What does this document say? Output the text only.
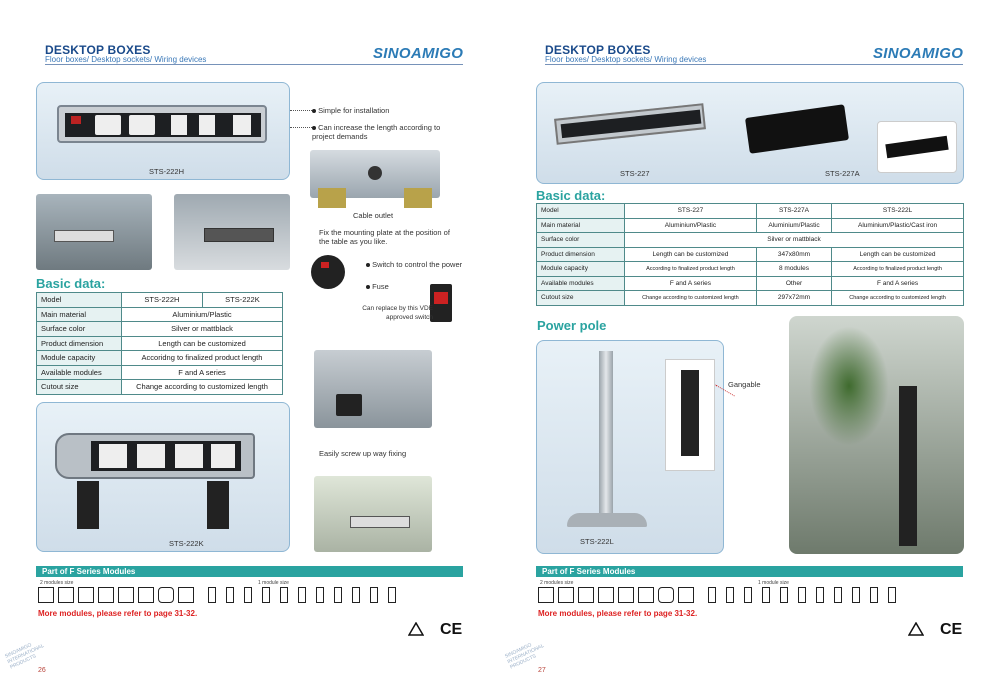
DESKTOP BOXES
Floor boxes/ Desktop sockets/ Wiring devices	SINOAMIGO
STS-222H
Simple for installation
Can increase the length according to project demands
Cable outlet
Fix the mounting plate at the position of the table as you like.
Switch to control the power
Fuse
Can replace by this VDE approved switch
Basic data:
Model	STS-222H	STS-222K
Main material	Aluminium/Plastic	
Surface color	Silver or mattblack	
Product dimension	Length can be customized	
Module capacity	Accoridng to finalized product length	
Available modules	F and A series	
Cutout size	Change according to customized length	
Easily screw up way fixing
STS-222K
Part of F Series Modules
2 modules size	1 module size
More modules, please refer to page 31-32.
CE
SINOAMIGO INTERNATIONAL PRODUCTS 26
DESKTOP BOXES
Floor boxes/ Desktop sockets/ Wiring devices	SINOAMIGO
STS-227	STS-227A
Basic data:
Model	STS-227	STS-227A	STS-222L
Main material	Aluminium/Plastic	Aluminium/Plastic	Aluminium/Plastic/Cast iron
Surface color	Silver or mattblack		
Product dimension	Length can be customized	347x80mm	Length can be customized
Module capacity	According to finalized product length	8 modules	According to finalized product length
Available modules	F and A series	Other	F and A series
Cutout size	Change according to customized length	297x72mm	Change according to customized length
Power pole
STS-222L
Gangable
Part of F Series Modules
2 modules size	1 module size
More modules, please refer to page 31-32.
CE
SINOAMIGO INTERNATIONAL PRODUCTS 27
